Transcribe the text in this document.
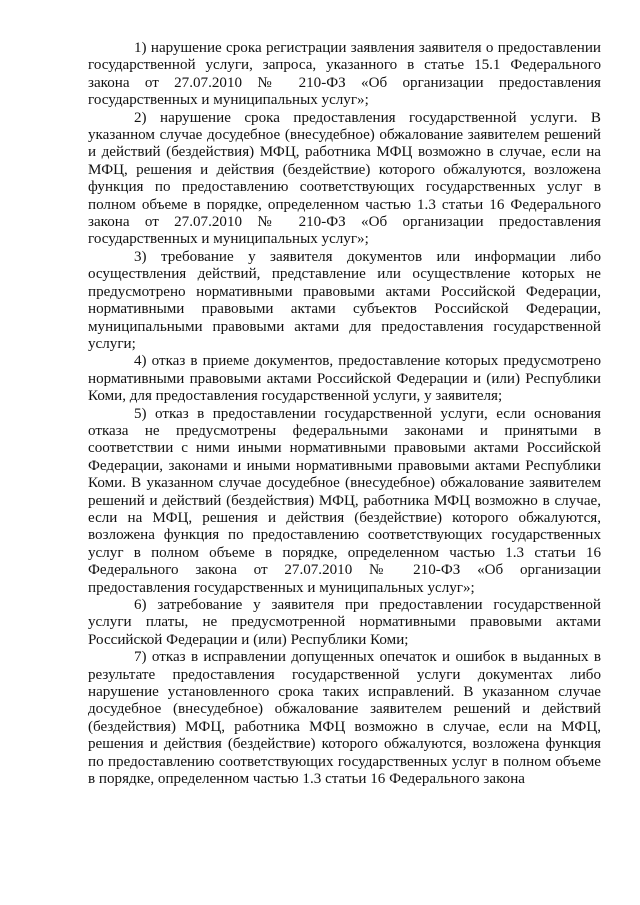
1) нарушение срока регистрации заявления заявителя о предоставлении государственной услуги, запроса, указанного в статье 15.1 Федерального закона от 27.07.2010 № 210-ФЗ «Об организации предоставления государственных и муниципальных услуг»;

2) нарушение срока предоставления государственной услуги. В указанном случае досудебное (внесудебное) обжалование заявителем решений и действий (бездействия) МФЦ, работника МФЦ возможно в случае, если на МФЦ, решения и действия (бездействие) которого обжалуются, возложена функция по предоставлению соответствующих государственных услуг в полном объеме в порядке, определенном частью 1.3 статьи 16 Федерального закона от 27.07.2010 № 210-ФЗ «Об организации предоставления государственных и муниципальных услуг»;

3) требование у заявителя документов или информации либо осуществления действий, представление или осуществление которых не предусмотрено нормативными правовыми актами Российской Федерации, нормативными правовыми актами субъектов Российской Федерации, муниципальными правовыми актами для предоставления государственной услуги;

4) отказ в приеме документов, предоставление которых предусмотрено нормативными правовыми актами Российской Федерации и (или) Республики Коми, для предоставления государственной услуги, у заявителя;

5) отказ в предоставлении государственной услуги, если основания отказа не предусмотрены федеральными законами и принятыми в соответствии с ними иными нормативными правовыми актами Российской Федерации, законами и иными нормативными правовыми актами Республики Коми. В указанном случае досудебное (внесудебное) обжалование заявителем решений и действий (бездействия) МФЦ, работника МФЦ возможно в случае, если на МФЦ, решения и действия (бездействие) которого обжалуются, возложена функция по предоставлению соответствующих государственных услуг в полном объеме в порядке, определенном частью 1.3 статьи 16 Федерального закона от 27.07.2010 № 210-ФЗ «Об организации предоставления государственных и муниципальных услуг»;

6) затребование у заявителя при предоставлении государственной услуги платы, не предусмотренной нормативными правовыми актами Российской Федерации и (или) Республики Коми;

7) отказ в исправлении допущенных опечаток и ошибок в выданных в результате предоставления государственной услуги документах либо нарушение установленного срока таких исправлений. В указанном случае досудебное (внесудебное) обжалование заявителем решений и действий (бездействия) МФЦ, работника МФЦ возможно в случае, если на МФЦ, решения и действия (бездействие) которого обжалуются, возложена функция по предоставлению соответствующих государственных услуг в полном объеме в порядке, определенном частью 1.3 статьи 16 Федерального закона
